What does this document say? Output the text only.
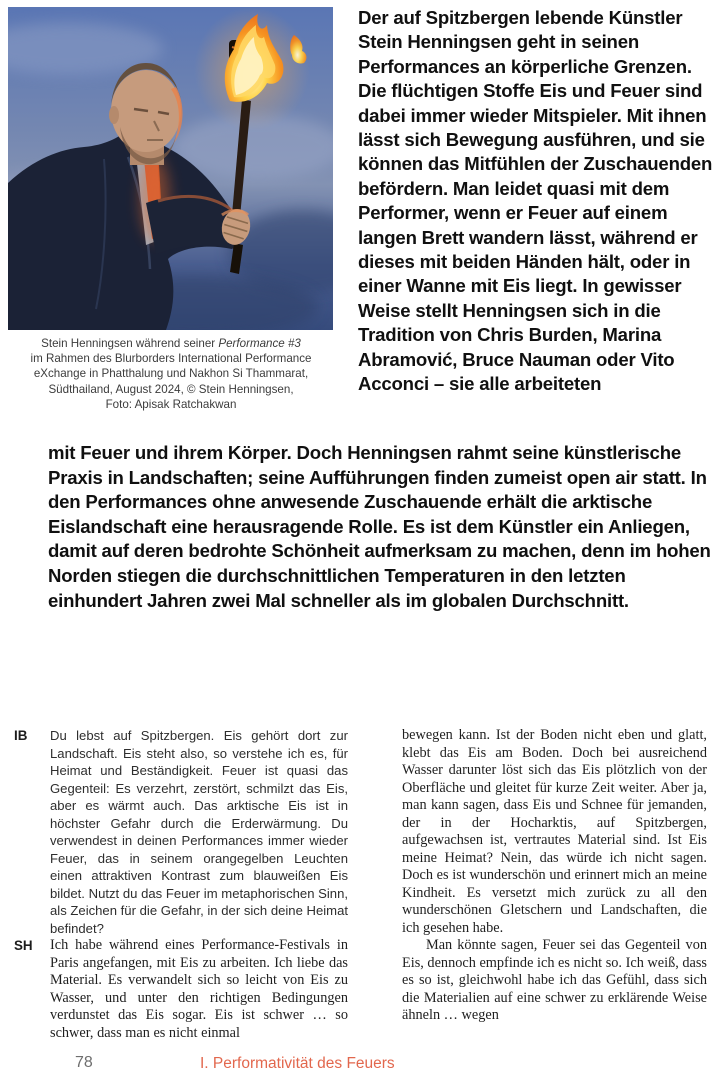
Stein Henningsen während seiner Performance #3
im Rahmen des Blurborders International Performance
eXchange in Phatthalung und Nakhon Si Thammarat,
Südthailand, August 2024, © Stein Henningsen,
Foto: Apisak Ratchakwan
Der auf Spitzbergen lebende Künstler Stein Henningsen geht in seinen Performances an körperliche Grenzen. Die flüchtigen Stoffe Eis und Feuer sind dabei immer wieder Mitspieler. Mit ihnen lässt sich Bewegung ausführen, und sie können das Mitfühlen der Zuschauenden befördern. Man leidet quasi mit dem Performer, wenn er Feuer auf einem langen Brett wandern lässt, während er dieses mit beiden Händen hält, oder in einer Wanne mit Eis liegt. In gewisser Weise stellt Henningsen sich in die Tradition von Chris Burden, Marina Abramović, Bruce Nauman oder Vito Acconci – sie alle arbeiteten
mit Feuer und ihrem Körper. Doch Henningsen rahmt seine künstlerische Praxis in Landschaften; seine Aufführungen finden zumeist open air statt. In den Performances ohne anwesende Zuschauende erhält die arktische Eislandschaft eine herausragende Rolle. Es ist dem Künstler ein Anliegen, damit auf deren bedrohte Schönheit aufmerksam zu machen, denn im hohen Norden stiegen die durchschnittlichen Temperaturen in den letzten einhundert Jahren zwei Mal schneller als im globalen Durchschnitt.
IB	Du lebst auf Spitzbergen. Eis gehört dort zur Landschaft. Eis steht also, so verstehe ich es, für Heimat und Beständigkeit. Feuer ist quasi das Gegenteil: Es verzehrt, zerstört, schmilzt das Eis, aber es wärmt auch. Das arktische Eis ist in höchster Gefahr durch die Erderwärmung. Du verwendest in deinen Performances immer wieder Feuer, das in seinem orangegelben Leuchten einen attraktiven Kontrast zum blauweißen Eis bildet. Nutzt du das Feuer im metaphorischen Sinn, als Zeichen für die Gefahr, in der sich deine Heimat befindet?
SH	Ich habe während eines Performance-Festivals in Paris angefangen, mit Eis zu arbeiten. Ich liebe das Material. Es verwandelt sich so leicht von Eis zu Wasser, und unter den richtigen Bedingungen verdunstet das Eis sogar. Eis ist schwer … so schwer, dass man es nicht einmal

bewegen kann. Ist der Boden nicht eben und glatt, klebt das Eis am Boden. Doch bei ausreichend Wasser darunter löst sich das Eis plötzlich von der Oberfläche und gleitet für kurze Zeit weiter. Aber ja, man kann sagen, dass Eis und Schnee für jemanden, der in der Hocharktis, auf Spitzbergen, aufgewachsen ist, vertrautes Material sind. Ist Eis meine Heimat? Nein, das würde ich nicht sagen. Doch es ist wunderschön und erinnert mich an meine Kindheit. Es versetzt mich zurück zu all den wunderschönen Gletschern und Landschaften, die ich gesehen habe.

Man könnte sagen, Feuer sei das Gegenteil von Eis, dennoch empfinde ich es nicht so. Ich weiß, dass es so ist, gleichwohl habe ich das Gefühl, dass sich die Materialien auf eine schwer zu erklärende Weise ähneln … wegen

78	I. Performativität des Feuers
